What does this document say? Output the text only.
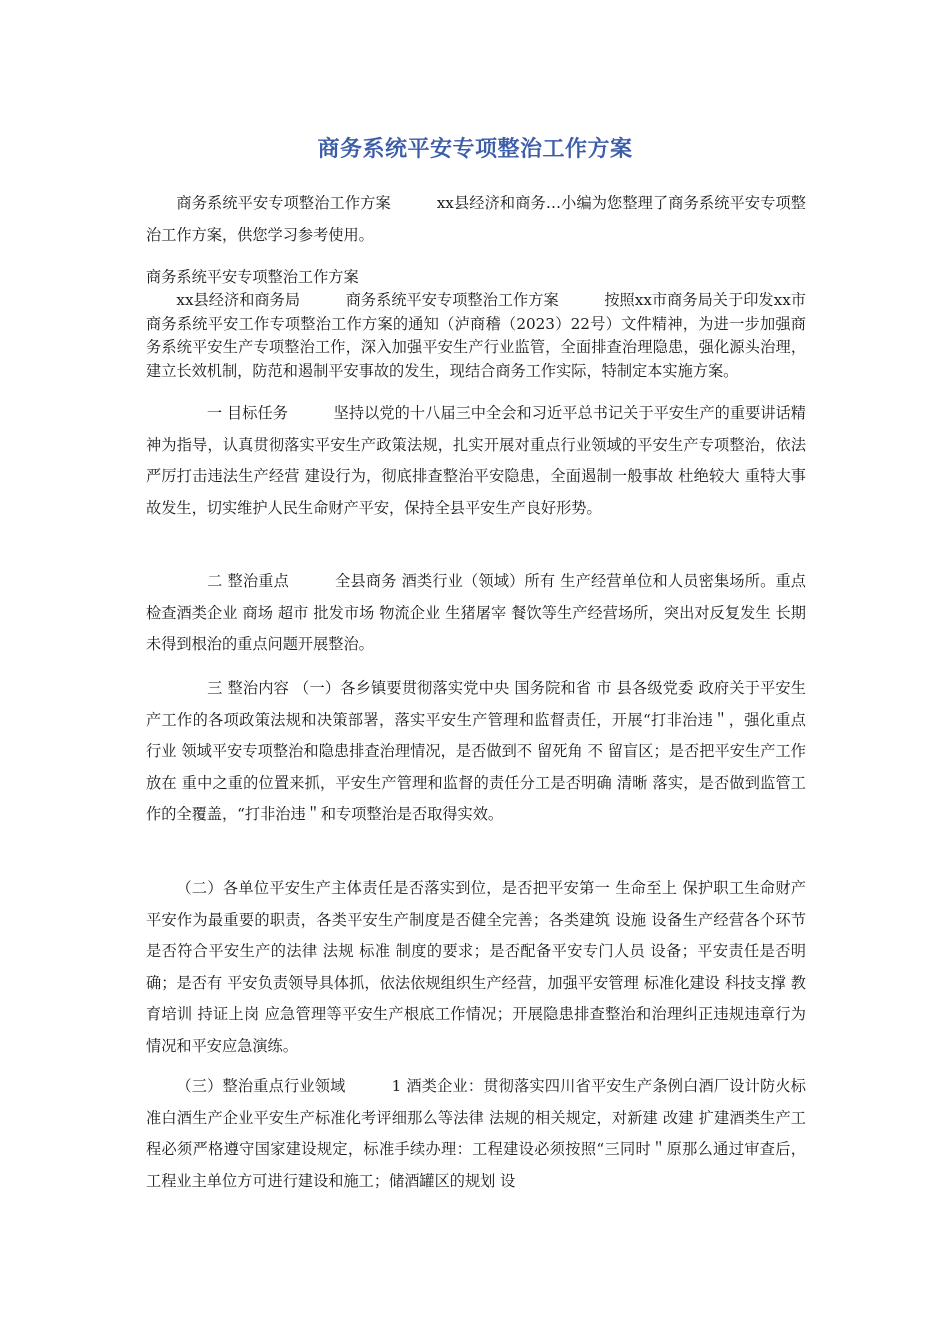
商务系统平安专项整治工作方案
商务系统平安专项整治工作方案　　　xx县经济和商务…小编为您整理了商务系统平安专项整治工作方案，供您学习参考使用。
商务系统平安专项整治工作方案
xx县经济和商务局　　　商务系统平安专项整治工作方案　　　按照xx市商务局关于印发xx市商务系统平安工作专项整治工作方案的通知（泸商稽（2023）22号）文件精神，为进一步加强商务系统平安生产专项整治工作，深入加强平安生产行业监管，全面排查治理隐患，强化源头治理，建立长效机制，防范和遏制平安事故的发生，现结合商务工作实际，特制定本实施方案。
　　一 目标任务　　　坚持以党的十八届三中全会和习近平总书记关于平安生产的重要讲话精神为指导，认真贯彻落实平安生产政策法规，扎实开展对重点行业领域的平安生产专项整治，依法严厉打击违法生产经营 建设行为，彻底排查整治平安隐患，全面遏制一般事故 杜绝较大 重特大事故发生，切实维护人民生命财产平安，保持全县平安生产良好形势。
　　二 整治重点　　　全县商务 酒类行业（领域）所有 生产经营单位和人员密集场所。重点检查酒类企业 商场 超市 批发市场 物流企业 生猪屠宰 餐饮等生产经营场所，突出对反复发生 长期未得到根治的重点问题开展整治。
　　三 整治内容 （一）各乡镇要贯彻落实党中央 国务院和省 市 县各级党委 政府关于平安生产工作的各项政策法规和决策部署，落实平安生产管理和监督责任，开展“打非治违＂，强化重点行业 领域平安专项整治和隐患排查治理情况，是否做到不 留死角 不 留盲区；是否把平安生产工作放在 重中之重的位置来抓，平安生产管理和监督的责任分工是否明确 清晰 落实，是否做到监管工作的全覆盖，“打非治违＂和专项整治是否取得实效。
（二）各单位平安生产主体责任是否落实到位，是否把平安第一 生命至上 保护职工生命财产平安作为最重要的职责，各类平安生产制度是否健全完善；各类建筑 设施 设备生产经营各个环节是否符合平安生产的法律 法规 标准 制度的要求；是否配备平安专门人员 设备；平安责任是否明确；是否有 平安负责领导具体抓，依法依规组织生产经营，加强平安管理 标准化建设 科技支撑 教育培训 持证上岗 应急管理等平安生产根底工作情况；开展隐患排查整治和治理纠正违规违章行为情况和平安应急演练。
（三）整治重点行业领域　　　1 酒类企业：贯彻落实四川省平安生产条例白酒厂设计防火标准白酒生产企业平安生产标准化考评细那么等法律 法规的相关规定，对新建 改建 扩建酒类生产工程必须严格遵守国家建设规定，标准手续办理：工程建设必须按照“三同时＂原那么通过审查后，工程业主单位方可进行建设和施工；储酒罐区的规划 设
